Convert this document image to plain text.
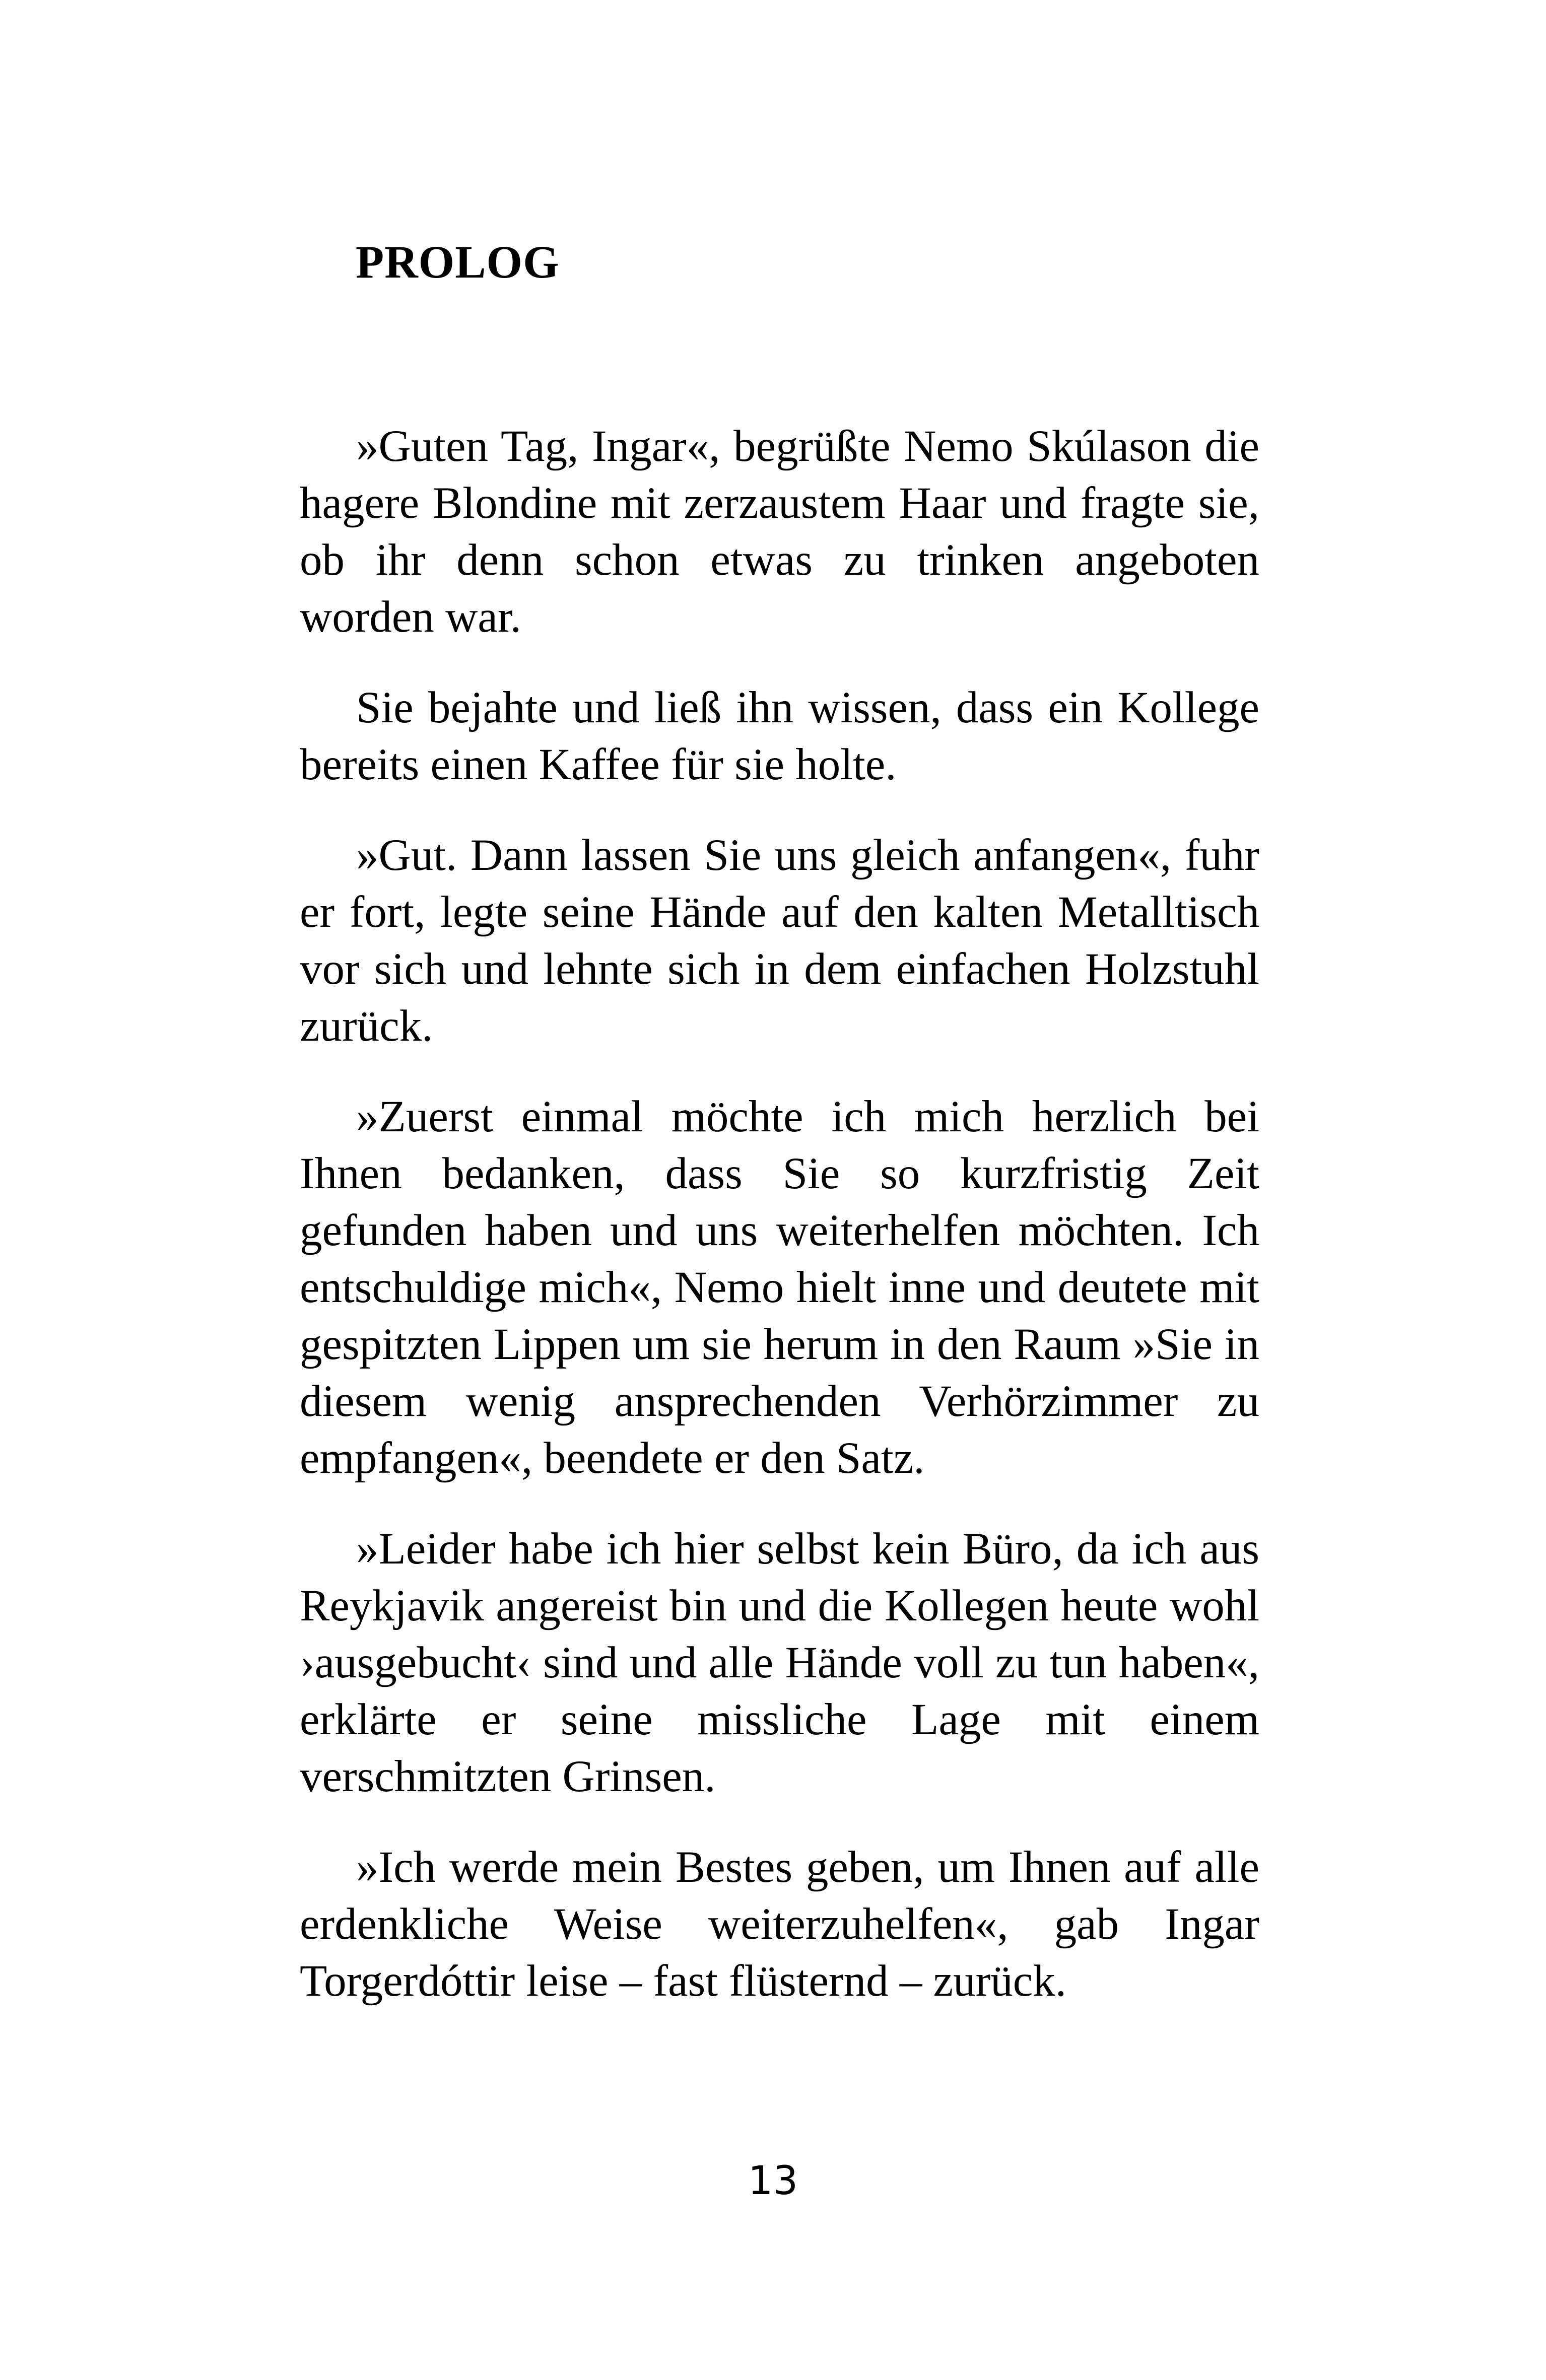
PROLOG

»Guten Tag, Ingar«, begrüßte Nemo Skúlason die hagere Blondine mit zerzaustem Haar und fragte sie, ob ihr denn schon etwas zu trinken angeboten worden war.

Sie bejahte und ließ ihn wissen, dass ein Kollege bereits einen Kaffee für sie holte.

»Gut. Dann lassen Sie uns gleich anfangen«, fuhr er fort, legte seine Hände auf den kalten Metalltisch vor sich und lehnte sich in dem einfachen Holzstuhl zurück.

»Zuerst einmal möchte ich mich herzlich bei Ihnen bedanken, dass Sie so kurzfristig Zeit gefunden haben und uns weiterhelfen möchten. Ich entschuldige mich«, Nemo hielt inne und deutete mit gespitzten Lippen um sie herum in den Raum »Sie in diesem wenig ansprechenden Verhörzimmer zu empfangen«, beendete er den Satz.

»Leider habe ich hier selbst kein Büro, da ich aus Reykjavik angereist bin und die Kollegen heute wohl ›ausgebucht‹ sind und alle Hände voll zu tun haben«, erklärte er seine missliche Lage mit einem verschmitzten Grinsen.

»Ich werde mein Bestes geben, um Ihnen auf alle erdenkliche Weise weiterzuhelfen«, gab Ingar Torgerdóttir leise – fast flüsternd – zurück.

13
